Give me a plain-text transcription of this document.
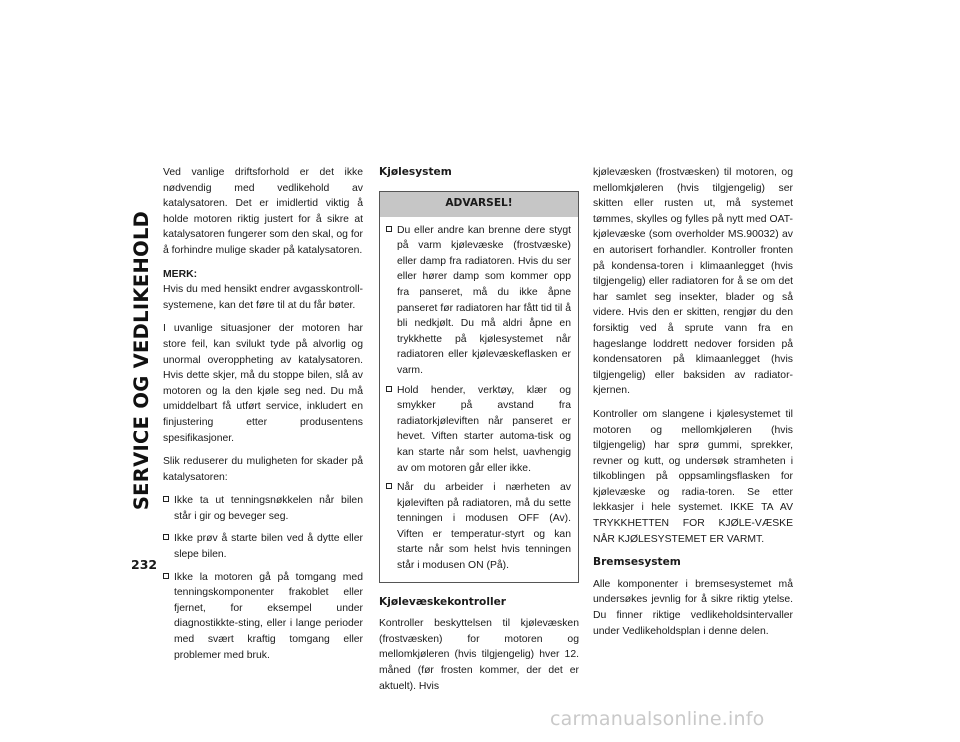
SERVICE OG VEDLIKEHOLD
232

Ved vanlige driftsforhold er det ikke nødvendig med vedlikehold av katalysatoren. Det er imidlertid viktig å holde motoren riktig justert for å sikre at katalysatoren fungerer som den skal, og for å forhindre mulige skader på katalysatoren.

MERK:

Hvis du med hensikt endrer avgasskontroll-systemene, kan det føre til at du får bøter.

I uvanlige situasjoner der motoren har store feil, kan svilukt tyde på alvorlig og unormal overoppheting av katalysatoren. Hvis dette skjer, må du stoppe bilen, slå av motoren og la den kjøle seg ned. Du må umiddelbart få utført service, inkludert en finjustering etter produsentens spesifikasjoner.

Slik reduserer du muligheten for skader på katalysatoren:

Ikke ta ut tenningsnøkkelen når bilen står i gir og beveger seg.
Ikke prøv å starte bilen ved å dytte eller slepe bilen.
Ikke la motoren gå på tomgang med tenningskomponenter frakoblet eller fjernet, for eksempel under diagnostikkte-sting, eller i lange perioder med svært kraftig tomgang eller problemer med bruk.
Kjølesystem
ADVARSEL!
Du eller andre kan brenne dere stygt på varm kjølevæske (frostvæske) eller damp fra radiatoren. Hvis du ser eller hører damp som kommer opp fra panseret, må du ikke åpne panseret før radiatoren har fått tid til å bli nedkjølt. Du må aldri åpne en trykkhette på kjølesystemet når radiatoren eller kjølevæskeflasken er varm.
Hold hender, verktøy, klær og smykker på avstand fra radiatorkjøleviften når panseret er hevet. Viften starter automa-tisk og kan starte når som helst, uavhengig av om motoren går eller ikke.
Når du arbeider i nærheten av kjøleviften på radiatoren, må du sette tenningen i modusen OFF (Av). Viften er temperatur-styrt og kan starte når som helst hvis tenningen står i modusen ON (På).
Kjølevæskekontroller

Kontroller beskyttelsen til kjølevæsken (frostvæsken) for motoren og mellomkjøleren (hvis tilgjengelig) hver 12. måned (før frosten kommer, der det er aktuelt). Hvis

kjølevæsken (frostvæsken) til motoren, og mellomkjøleren (hvis tilgjengelig) ser skitten eller rusten ut, må systemet tømmes, skylles og fylles på nytt med OAT-kjølevæske (som overholder MS.90032) av en autorisert forhandler. Kontroller fronten på kondensa-toren i klimaanlegget (hvis tilgjengelig) eller radiatoren for å se om det har samlet seg insekter, blader og så videre. Hvis den er skitten, rengjør du den forsiktig ved å sprute vann fra en hageslange loddrett nedover forsiden på kondensatoren på klimaanlegget (hvis tilgjengelig) eller baksiden av radiator-kjernen.

Kontroller om slangene i kjølesystemet til motoren og mellomkjøleren (hvis tilgjengelig) har sprø gummi, sprekker, revner og kutt, og undersøk stramheten i tilkoblingen på oppsamlingsflasken for kjølevæske og radia-toren. Se etter lekkasjer i hele systemet. IKKE TA AV TRYKKHETTEN FOR KJØLE-VÆSKE NÅR KJØLESYSTEMET ER VARMT.

Bremsesystem

Alle komponenter i bremsesystemet må undersøkes jevnlig for å sikre riktig ytelse. Du finner riktige vedlikeholdsintervaller under Vedlikeholdsplan i denne delen.

carmanualsonline.info
